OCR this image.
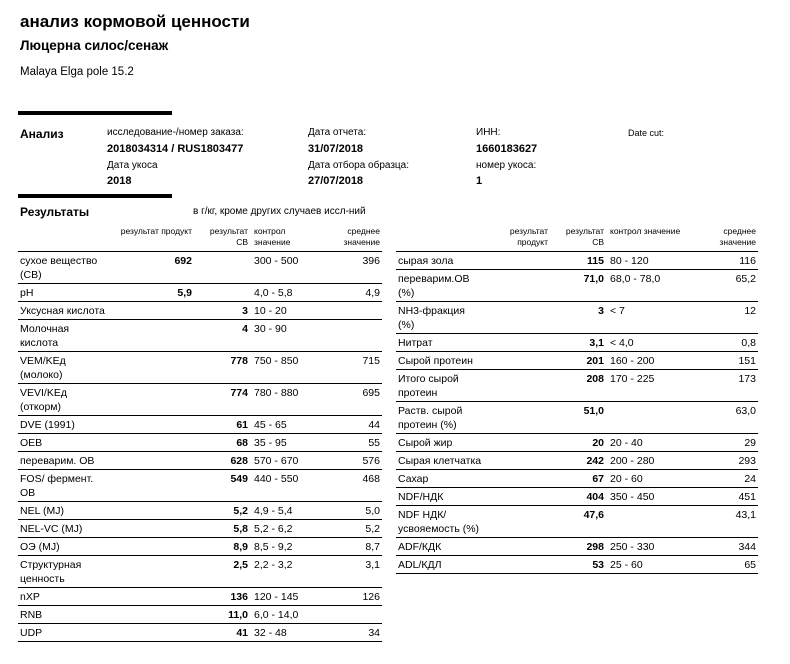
анализ кормовой ценности
Люцерна силос/сенаж
Malaya Elga pole 15.2
Анализ	исследование-/номер заказа:
2018034314 / RUS1803477
Дата укоса
2018
Дата отчета:
31/07/2018
Дата отбора образца:
27/07/2018
ИНН:
1660183627
номер укоса:
1
Date cut:
Результаты	в г/кг, кроме других случаев иссл-ний
	результат продукт	результат СВ	контрол значение	среднее значение
сухое вещество (СВ)	692		300 - 500	396
pH	5,9		4,0 - 5,8	4,9
Уксусная кислота		3	10 - 20	
Молочная кислота		4	30 - 90	
VEM/KEд (молоко)		778	750 - 850	715
VEVI/KEд (откорм)		774	780 - 880	695
DVE (1991)		61	45 - 65	44
OEB		68	35 - 95	55
переварим. OВ		628	570 - 670	576
FOS/ фермент. OB		549	440 - 550	468
NEL (MJ)		5,2	4,9 - 5,4	5,0
NEL-VC (MJ)		5,8	5,2 - 6,2	5,2
ОЭ (MJ)		8,9	8,5 - 9,2	8,7
Структурная ценность		2,5	2,2 - 3,2	3,1
nXP		136	120 - 145	126
RNB		11,0	6,0 - 14,0	
UDP		41	32 - 48	34
	результат продукт	результат СВ	контрол значение	среднее значение
сырая зола		115	80 - 120	116
переварим.OВ (%)		71,0	68,0 - 78,0	65,2
NH3-фракция (%)		3	< 7	12
Нитрат		3,1	< 4,0	0,8
Сырой протеин		201	160 - 200	151
Итого сырой протеин		208	170 - 225	173
Раств. сырой протеин (%)		51,0		63,0
Сырой жир		20	20 - 40	29
Сырая клетчатка		242	200 - 280	293
Сахар		67	20 - 60	24
NDF/НДК		404	350 - 450	451
NDF НДК/усвояемость (%)		47,6		43,1
ADF/КДК		298	250 - 330	344
ADL/КДЛ		53	25 - 60	65
